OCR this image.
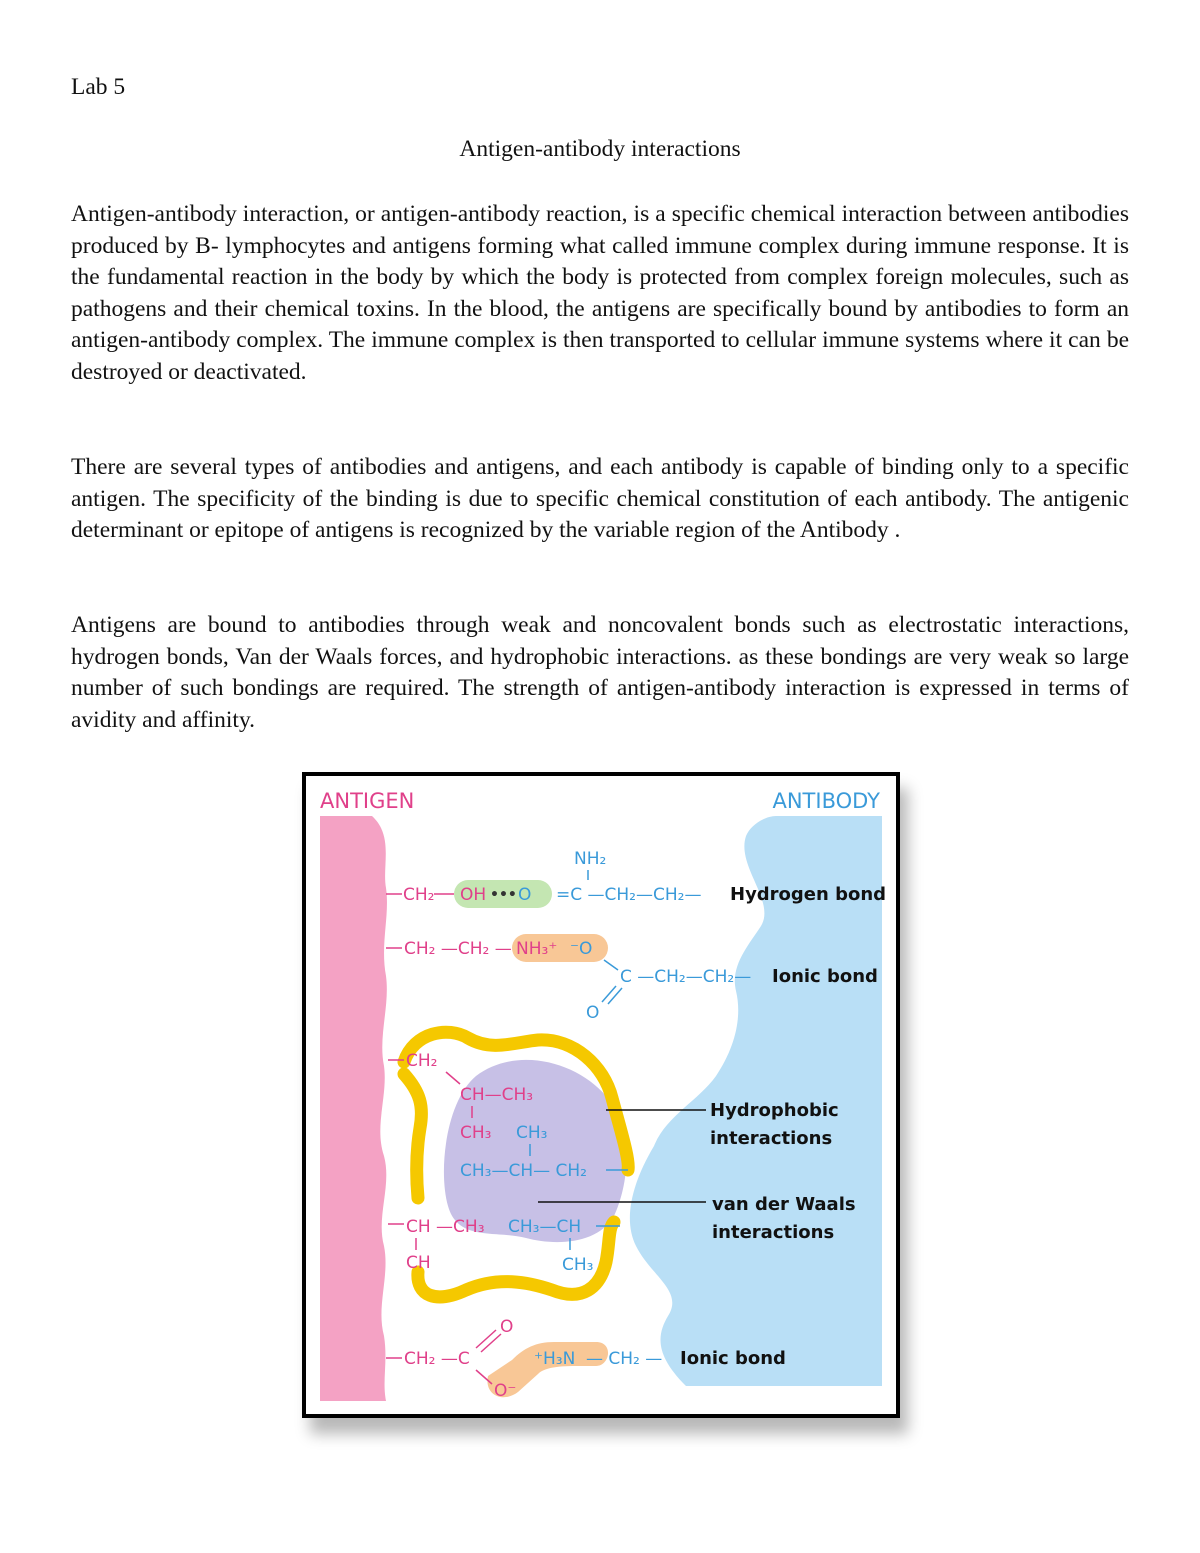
Lab 5
Antigen-antibody interactions

Antigen-antibody interaction, or antigen-antibody reaction, is a specific chemical interaction between antibodies produced by B- lymphocytes and antigens forming what called immune complex during immune response. It is the fundamental reaction in the body by which the body is protected from complex foreign molecules, such as pathogens and their chemical toxins. In the blood, the antigens are specifically bound by antibodies to form an antigen-antibody complex. The immune complex is then transported to cellular immune systems where it can be destroyed or deactivated.

There are several types of antibodies and antigens, and each antibody is capable of binding only to a specific antigen. The specificity of the binding is due to specific chemical constitution of each antibody. The antigenic determinant or epitope of antigens is recognized by the variable region of the Antibody .

Antigens are bound to antibodies through weak and noncovalent bonds such as electrostatic interactions, hydrogen bonds, Van der Waals forces, and hydrophobic interactions. as these bondings are very weak so large number of such bondings are required. The strength of antigen-antibody interaction is expressed in terms of avidity and affinity.

ANTIGEN	ANTIBODY
CH₂ OH ••• O
NH₂
=C —CH₂—CH₂— Hydrogen bond
CH₂ —CH₂ — NH₃⁺ ⁻O
C —CH₂—CH₂—
O
Ionic bond
CH₂
CH—CH₃
CH₃ CH₃
CH₃—CH— CH₂
CH —CH₃ CH₃—CH
CH	CH₃
Hydrophobic
interactions
van der Waals
interactions
CH₂ —C
O
O⁻
⁺H₃N — CH₂ — Ionic bond
